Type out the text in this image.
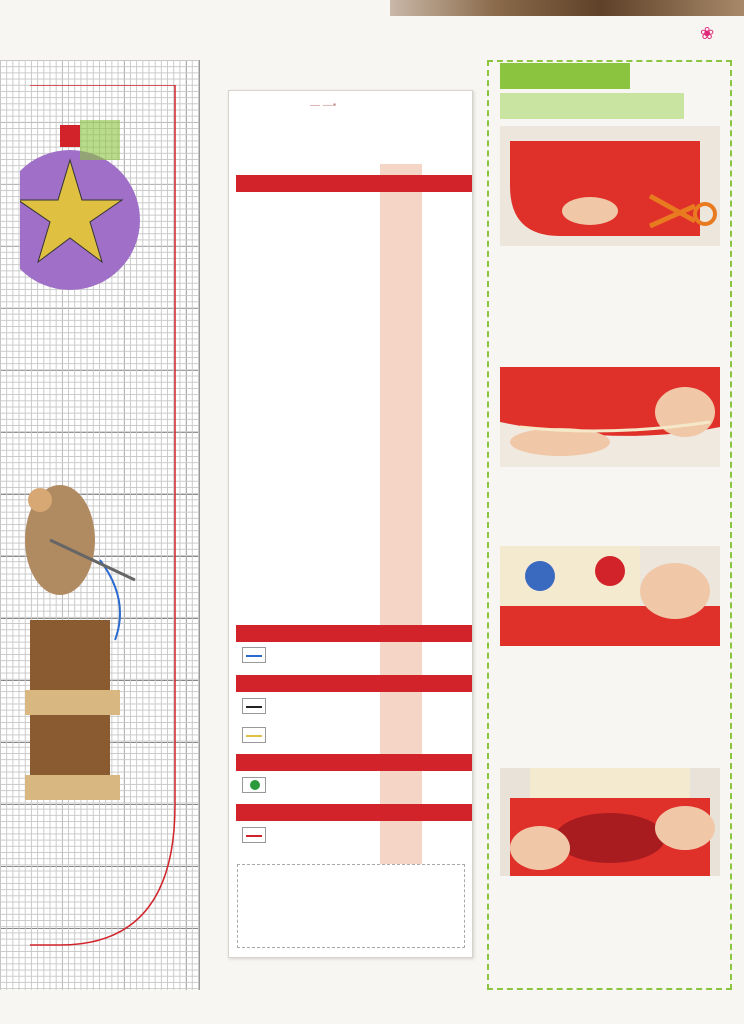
❀
— —•
